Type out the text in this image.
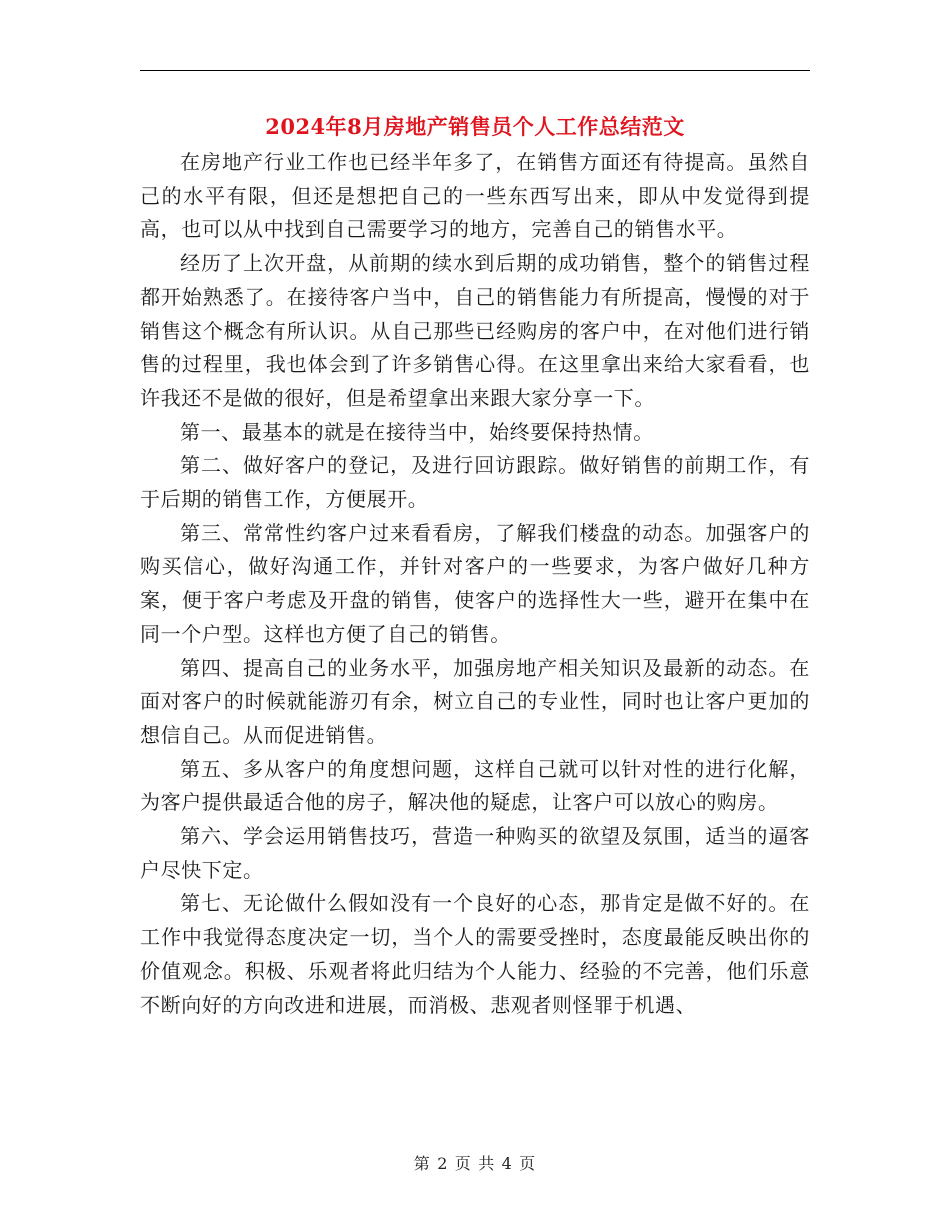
2024年8月房地产销售员个人工作总结范文

在房地产行业工作也已经半年多了，在销售方面还有待提高。虽然自己的水平有限，但还是想把自己的一些东西写出来，即从中发觉得到提高，也可以从中找到自己需要学习的地方，完善自己的销售水平。

经历了上次开盘，从前期的续水到后期的成功销售，整个的销售过程都开始熟悉了。在接待客户当中，自己的销售能力有所提高，慢慢的对于销售这个概念有所认识。从自己那些已经购房的客户中，在对他们进行销售的过程里，我也体会到了许多销售心得。在这里拿出来给大家看看，也许我还不是做的很好，但是希望拿出来跟大家分享一下。

第一、最基本的就是在接待当中，始终要保持热情。

第二、做好客户的登记，及进行回访跟踪。做好销售的前期工作，有于后期的销售工作，方便展开。

第三、常常性约客户过来看看房，了解我们楼盘的动态。加强客户的购买信心，做好沟通工作，并针对客户的一些要求，为客户做好几种方案，便于客户考虑及开盘的销售，使客户的选择性大一些，避开在集中在同一个户型。这样也方便了自己的销售。

第四、提高自己的业务水平，加强房地产相关知识及最新的动态。在面对客户的时候就能游刃有余，树立自己的专业性，同时也让客户更加的想信自己。从而促进销售。

第五、多从客户的角度想问题，这样自己就可以针对性的进行化解，为客户提供最适合他的房子，解决他的疑虑，让客户可以放心的购房。

第六、学会运用销售技巧，营造一种购买的欲望及氛围，适当的逼客户尽快下定。

第七、无论做什么假如没有一个良好的心态，那肯定是做不好的。在工作中我觉得态度决定一切，当个人的需要受挫时，态度最能反映出你的价值观念。积极、乐观者将此归结为个人能力、经验的不完善，他们乐意不断向好的方向改进和进展，而消极、悲观者则怪罪于机遇、

第 2 页 共 4 页
